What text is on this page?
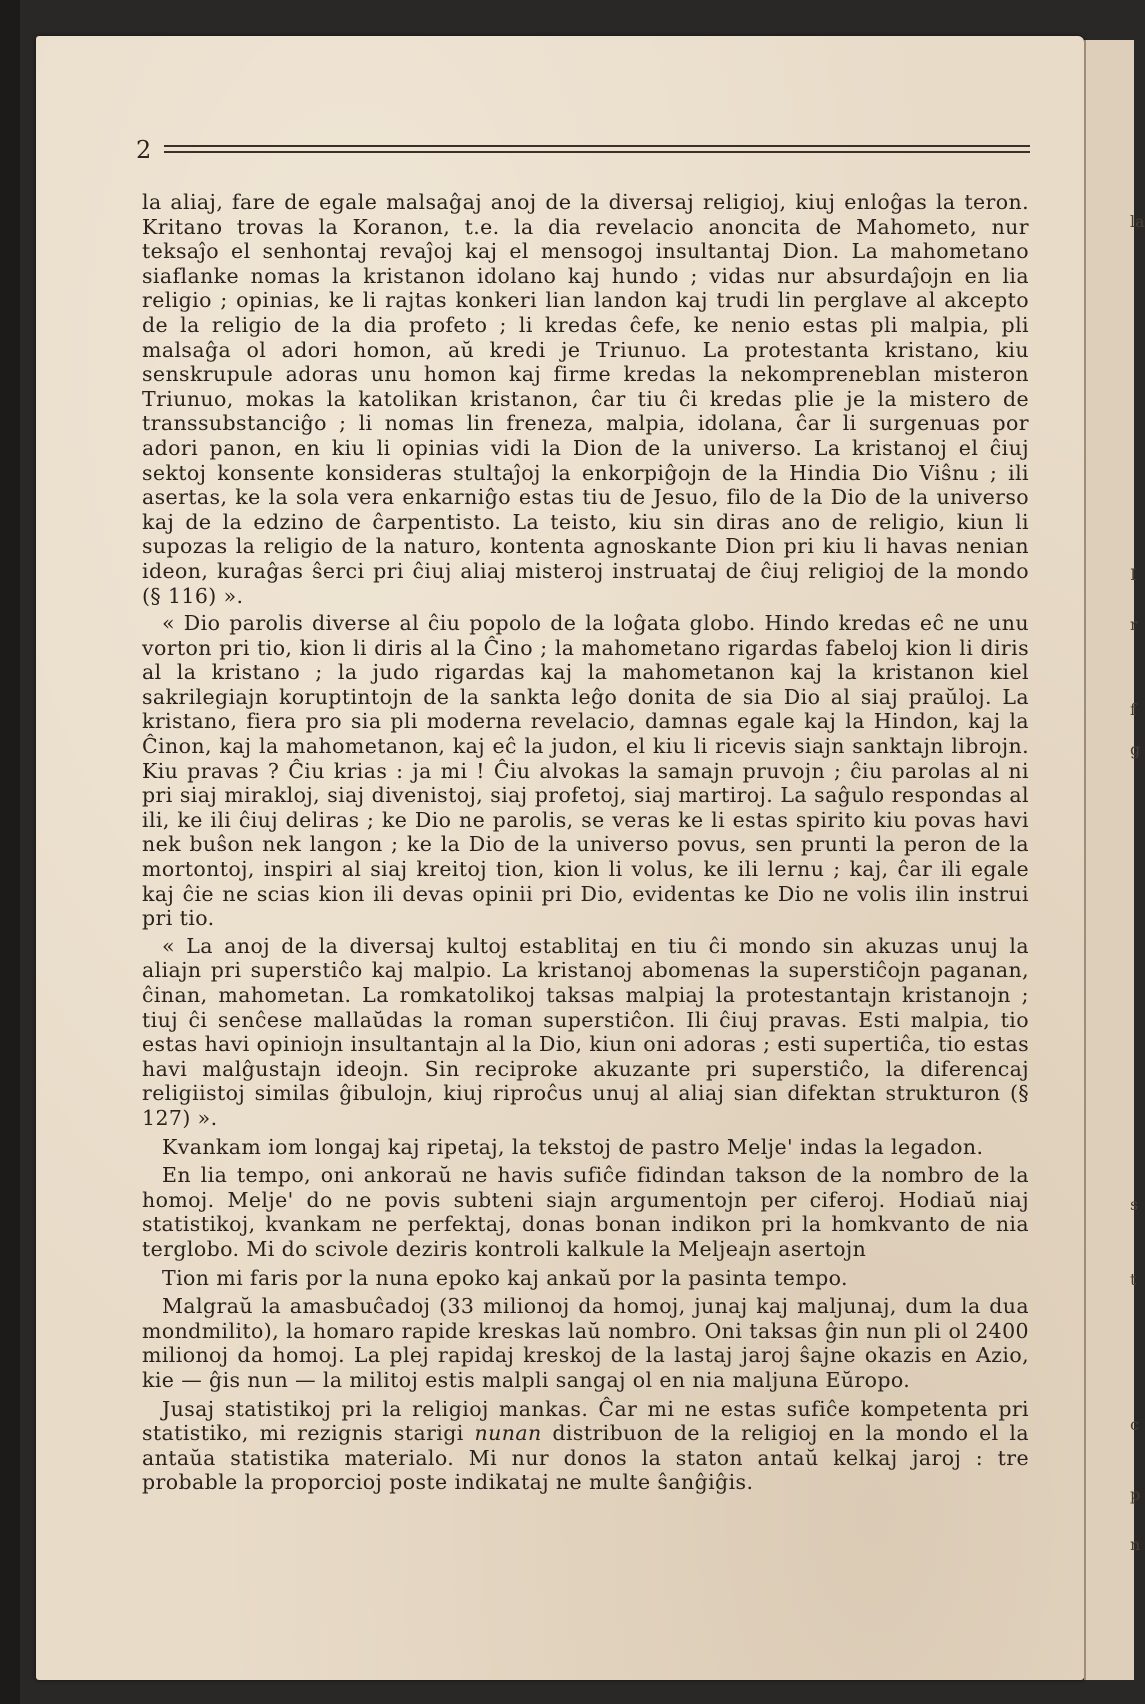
la
I
r
f
g
s
t
c
p
n
2

la aliaj, fare de egale malsaĝaj anoj de la diversaj religioj, kiuj enloĝas la teron. Kritano trovas la Koranon, t.e. la dia revelacio anoncita de Mahometo, nur teksaĵo el senhontaj revaĵoj kaj el mensogoj insultantaj Dion. La mahometano siaflanke nomas la kristanon idolano kaj hundo ; vidas nur absurdaĵojn en lia religio ; opinias, ke li rajtas konkeri lian landon kaj trudi lin perglave al akcepto de la religio de la dia profeto ; li kredas ĉefe, ke nenio estas pli malpia, pli malsaĝa ol adori homon, aŭ kredi je Triunuo. La protestanta kristano, kiu senskrupule adoras unu homon kaj firme kredas la nekompreneblan misteron Triunuo, mokas la katolikan kristanon, ĉar tiu ĉi kredas plie je la mistero de transsubstanciĝo ; li nomas lin freneza, malpia, idolana, ĉar li surgenuas por adori panon, en kiu li opinias vidi la Dion de la universo. La kristanoj el ĉiuj sektoj konsente konsideras stultaĵoj la enkorpiĝojn de la Hindia Dio Viŝnu ; ili asertas, ke la sola vera enkarniĝo estas tiu de Jesuo, filo de la Dio de la universo kaj de la edzino de ĉarpentisto. La teisto, kiu sin diras ano de religio, kiun li supozas la religio de la naturo, kontenta agnoskante Dion pri kiu li havas nenian ideon, kuraĝas ŝerci pri ĉiuj aliaj misteroj instruataj de ĉiuj religioj de la mondo (§ 116) ».

« Dio parolis diverse al ĉiu popolo de la loĝata globo. Hindo kredas eĉ ne unu vorton pri tio, kion li diris al la Ĉino ; la mahometano rigardas fabeloj kion li diris al la kristano ; la judo rigardas kaj la mahometanon kaj la kristanon kiel sakrilegiajn koruptintojn de la sankta leĝo donita de sia Dio al siaj praŭloj. La kristano, fiera pro sia pli moderna revelacio, damnas egale kaj la Hindon, kaj la Ĉinon, kaj la mahometanon, kaj eĉ la judon, el kiu li ricevis siajn sanktajn librojn. Kiu pravas ? Ĉiu krias : ja mi ! Ĉiu alvokas la samajn pruvojn ; ĉiu parolas al ni pri siaj mirakloj, siaj divenistoj, siaj profetoj, siaj martiroj. La saĝulo respondas al ili, ke ili ĉiuj deliras ; ke Dio ne parolis, se veras ke li estas spirito kiu povas havi nek buŝon nek langon ; ke la Dio de la universo povus, sen prunti la peron de la mortontoj, inspiri al siaj kreitoj tion, kion li volus, ke ili lernu ; kaj, ĉar ili egale kaj ĉie ne scias kion ili devas opinii pri Dio, evidentas ke Dio ne volis ilin instrui pri tio.

« La anoj de la diversaj kultoj establitaj en tiu ĉi mondo sin akuzas unuj la aliajn pri superstiĉo kaj malpio. La kristanoj abomenas la superstiĉojn paganan, ĉinan, mahometan. La romkatolikoj taksas malpiaj la protestantajn kristanojn ; tiuj ĉi senĉese mallaŭdas la roman superstiĉon. Ili ĉiuj pravas. Esti malpia, tio estas havi opiniojn insultantajn al la Dio, kiun oni adoras ; esti supertiĉa, tio estas havi malĝustajn ideojn. Sin reciproke akuzante pri superstiĉo, la diferencaj religiistoj similas ĝibulojn, kiuj riproĉus unuj al aliaj sian difektan strukturon (§ 127) ».

Kvankam iom longaj kaj ripetaj, la tekstoj de pastro Melje' indas la legadon.

En lia tempo, oni ankoraŭ ne havis sufiĉe fidindan takson de la nombro de la homoj. Melje' do ne povis subteni siajn argumentojn per ciferoj. Hodiaŭ niaj statistikoj, kvankam ne perfektaj, donas bonan indikon pri la homkvanto de nia terglobo. Mi do scivole deziris kontroli kalkule la Meljeajn asertojn

Tion mi faris por la nuna epoko kaj ankaŭ por la pasinta tempo.

Malgraŭ la amasbuĉadoj (33 milionoj da homoj, junaj kaj maljunaj, dum la dua mondmilito), la homaro rapide kreskas laŭ nombro. Oni taksas ĝin nun pli ol 2400 milionoj da homoj. La plej rapidaj kreskoj de la lastaj jaroj ŝajne okazis en Azio, kie — ĝis nun — la militoj estis malpli sangaj ol en nia maljuna Eŭropo.

Jusaj statistikoj pri la religioj mankas. Ĉar mi ne estas sufiĉe kompetenta pri statistiko, mi rezignis starigi nunan distribuon de la religioj en la mondo el la antaŭa statistika materialo. Mi nur donos la staton antaŭ kelkaj jaroj : tre probable la proporcioj poste indikataj ne multe ŝanĝiĝis.
